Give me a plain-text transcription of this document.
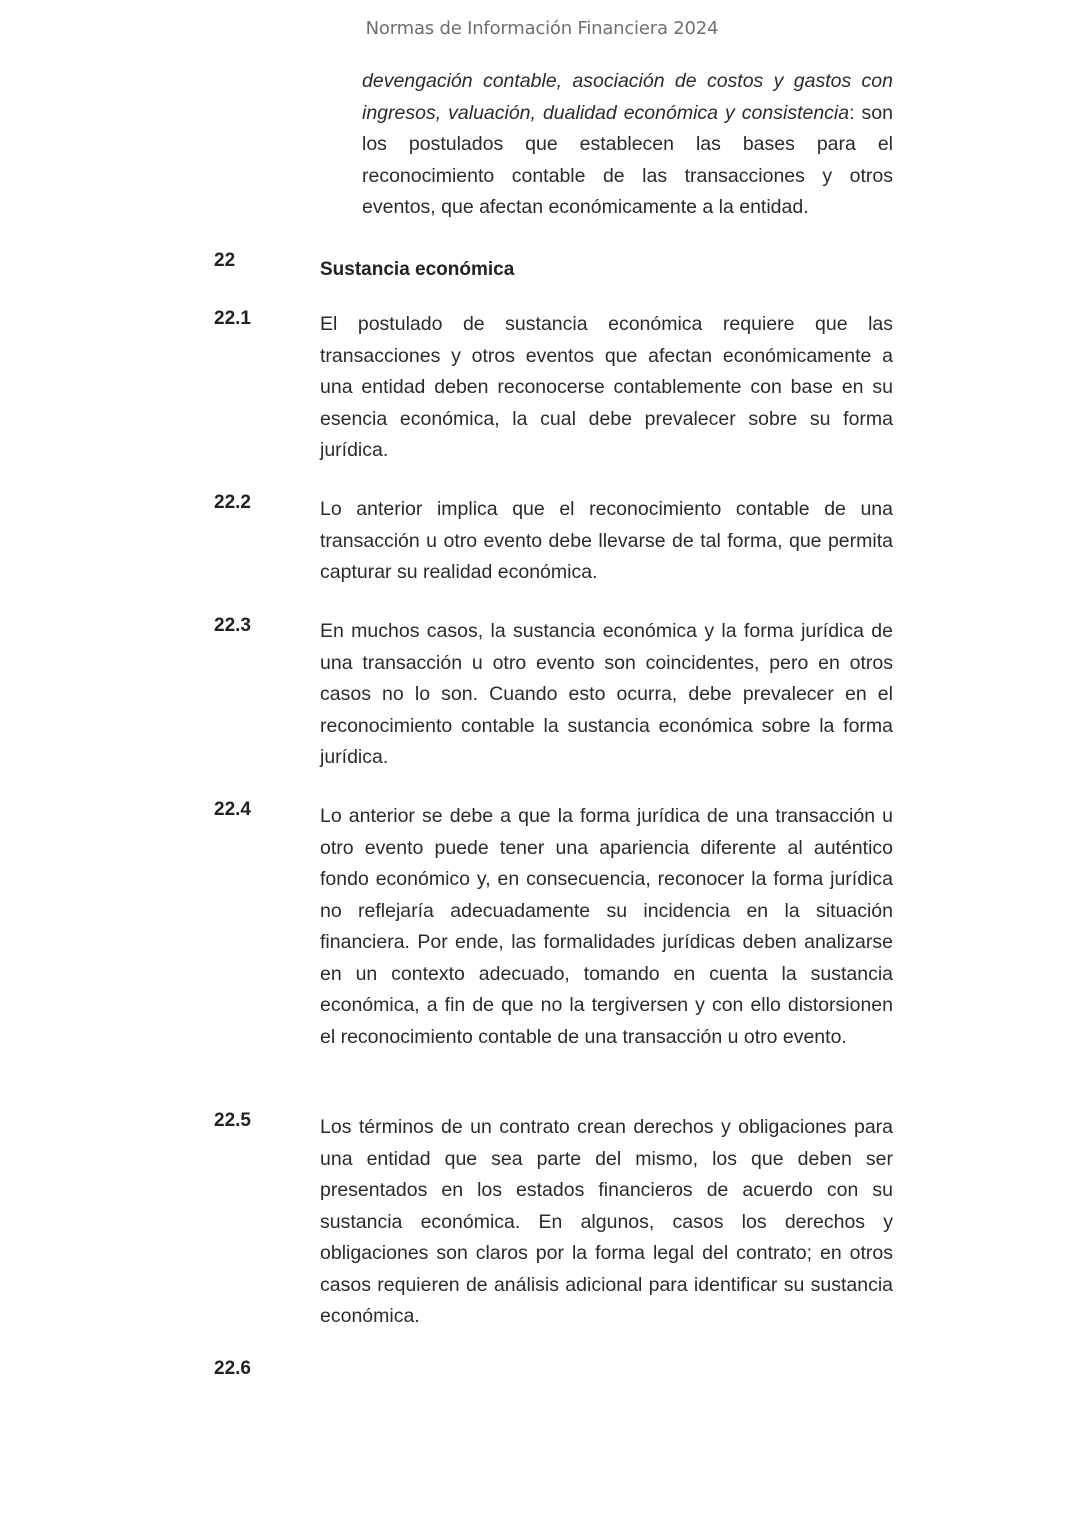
Normas de Información Financiera 2024
devengación contable, asociación de costos y gastos con ingresos, valuación, dualidad económica y consistencia: son los postulados que establecen las bases para el reconocimiento contable de las transacciones y otros eventos, que afectan económicamente a la entidad.
22	Sustancia económica
22.1	El postulado de sustancia económica requiere que las transacciones y otros eventos que afectan económicamente a una entidad deben reconocerse contablemente con base en su esencia económica, la cual debe prevalecer sobre su forma jurídica.
22.2	Lo anterior implica que el reconocimiento contable de una transacción u otro evento debe llevarse de tal forma, que permita capturar su realidad económica.
22.3	En muchos casos, la sustancia económica y la forma jurídica de una transacción u otro evento son coincidentes, pero en otros casos no lo son. Cuando esto ocurra, debe prevalecer en el reconocimiento contable la sustancia económica sobre la forma jurídica.
22.4	Lo anterior se debe a que la forma jurídica de una transacción u otro evento puede tener una apariencia diferente al auténtico fondo económico y, en consecuencia, reconocer la forma jurídica no reflejaría adecuadamente su incidencia en la situación financiera. Por ende, las formalidades jurídicas deben analizarse en un contexto adecuado, tomando en cuenta la sustancia económica, a fin de que no la tergiversen y con ello distorsionen el reconocimiento contable de una transacción u otro evento.
22.5	Los términos de un contrato crean derechos y obligaciones para una entidad que sea parte del mismo, los que deben ser presentados en los estados financieros de acuerdo con su sustancia económica. En algunos, casos los derechos y obligaciones son claros por la forma legal del contrato; en otros casos requieren de análisis adicional para identificar su sustancia económica.
22.6
